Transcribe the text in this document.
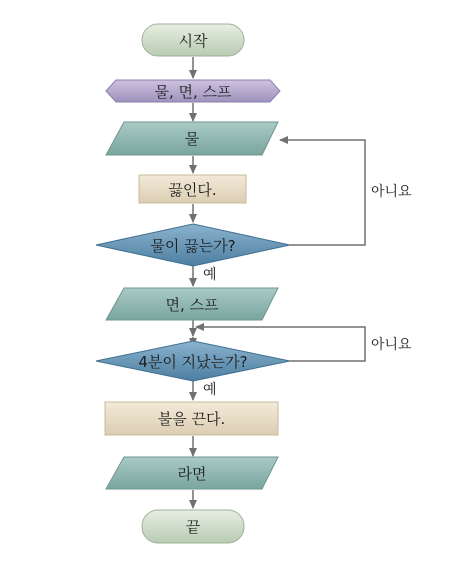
시작
물, 면, 스프
물
끓인다.
물이 끓는가?
면, 스프
4분이 지났는가?
불을 끈다.
라면
끝
아니요
예
아니요
예
